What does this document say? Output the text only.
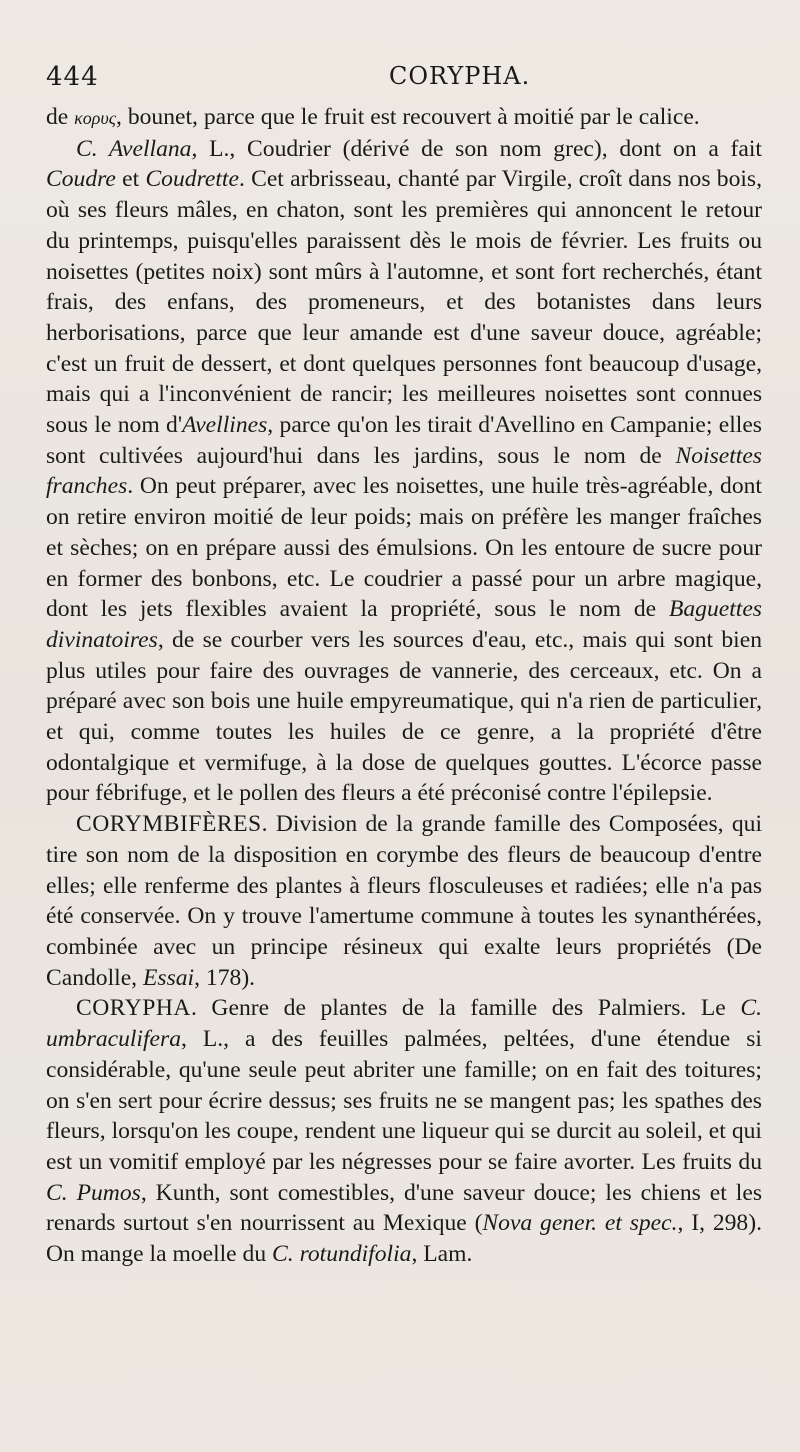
444	CORYPHA.

de κορυς, bounet, parce que le fruit est recouvert à moitié par le calice.

C. Avellana, L., Coudrier (dérivé de son nom grec), dont on a fait Coudre et Coudrette. Cet arbrisseau, chanté par Virgile, croît dans nos bois, où ses fleurs mâles, en chaton, sont les premières qui annoncent le retour du printemps, puisqu'elles paraissent dès le mois de février. Les fruits ou noisettes (petites noix) sont mûrs à l'automne, et sont fort recherchés, étant frais, des enfans, des promeneurs, et des botanistes dans leurs herborisations, parce que leur amande est d'une saveur douce, agréable; c'est un fruit de dessert, et dont quelques personnes font beaucoup d'usage, mais qui a l'inconvénient de rancir; les meilleures noisettes sont connues sous le nom d'Avellines, parce qu'on les tirait d'Avellino en Campanie; elles sont cultivées aujourd'hui dans les jardins, sous le nom de Noisettes franches. On peut préparer, avec les noisettes, une huile très-agréable, dont on retire environ moitié de leur poids; mais on préfère les manger fraîches et sèches; on en prépare aussi des émulsions. On les entoure de sucre pour en former des bonbons, etc. Le coudrier a passé pour un arbre magique, dont les jets flexibles avaient la propriété, sous le nom de Baguettes divinatoires, de se courber vers les sources d'eau, etc., mais qui sont bien plus utiles pour faire des ouvrages de vannerie, des cerceaux, etc. On a préparé avec son bois une huile empyreumatique, qui n'a rien de particulier, et qui, comme toutes les huiles de ce genre, a la propriété d'être odontalgique et vermifuge, à la dose de quelques gouttes. L'écorce passe pour fébrifuge, et le pollen des fleurs a été préconisé contre l'épilepsie.

CORYMBIFÈRES. Division de la grande famille des Composées, qui tire son nom de la disposition en corymbe des fleurs de beaucoup d'entre elles; elle renferme des plantes à fleurs flosculeuses et radiées; elle n'a pas été conservée. On y trouve l'amertume commune à toutes les synanthérées, combinée avec un principe résineux qui exalte leurs propriétés (De Candolle, Essai, 178).

CORYPHA. Genre de plantes de la famille des Palmiers. Le C. umbraculifera, L., a des feuilles palmées, peltées, d'une étendue si considérable, qu'une seule peut abriter une famille; on en fait des toitures; on s'en sert pour écrire dessus; ses fruits ne se mangent pas; les spathes des fleurs, lorsqu'on les coupe, rendent une liqueur qui se durcit au soleil, et qui est un vomitif employé par les négresses pour se faire avorter. Les fruits du C. Pumos, Kunth, sont comestibles, d'une saveur douce; les chiens et les renards surtout s'en nourrissent au Mexique (Nova gener. et spec., I, 298). On mange la moelle du C. rotundifolia, Lam.
